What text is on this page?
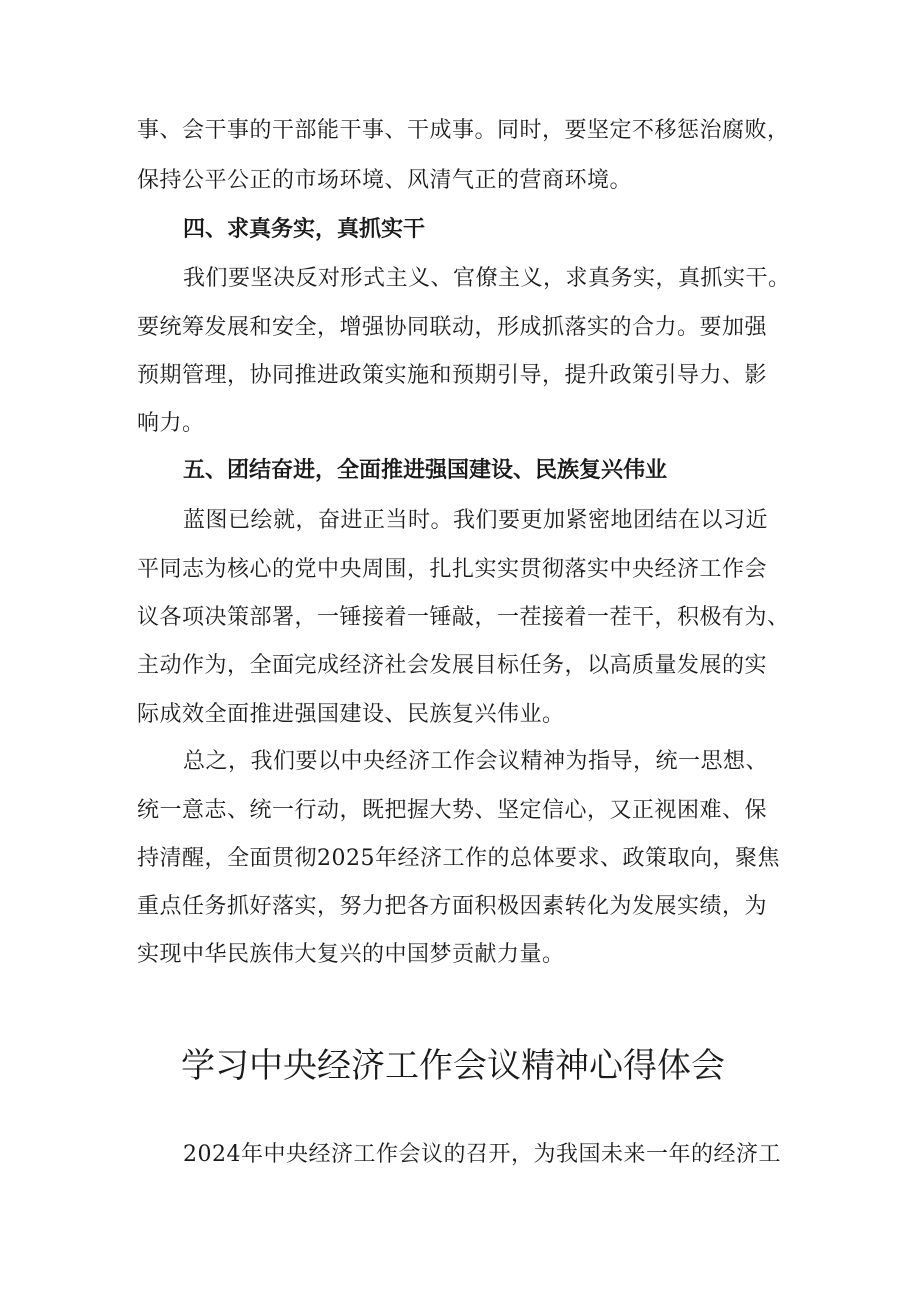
事、会干事的干部能干事、干成事。同时，要坚定不移惩治腐败，
保持公平公正的市场环境、风清气正的营商环境。
四、求真务实，真抓实干
我们要坚决反对形式主义、官僚主义，求真务实，真抓实干。
要统筹发展和安全，增强协同联动，形成抓落实的合力。要加强
预期管理，协同推进政策实施和预期引导，提升政策引导力、影
响力。
五、团结奋进，全面推进强国建设、民族复兴伟业
蓝图已绘就，奋进正当时。我们要更加紧密地团结在以习近
平同志为核心的党中央周围，扎扎实实贯彻落实中央经济工作会
议各项决策部署，一锤接着一锤敲，一茬接着一茬干，积极有为、
主动作为，全面完成经济社会发展目标任务，以高质量发展的实
际成效全面推进强国建设、民族复兴伟业。
总之，我们要以中央经济工作会议精神为指导，统一思想、
统一意志、统一行动，既把握大势、坚定信心，又正视困难、保
持清醒，全面贯彻2025年经济工作的总体要求、政策取向，聚焦
重点任务抓好落实，努力把各方面积极因素转化为发展实绩，为
实现中华民族伟大复兴的中国梦贡献力量。
学习中央经济工作会议精神心得体会
2024年中央经济工作会议的召开，为我国未来一年的经济工
